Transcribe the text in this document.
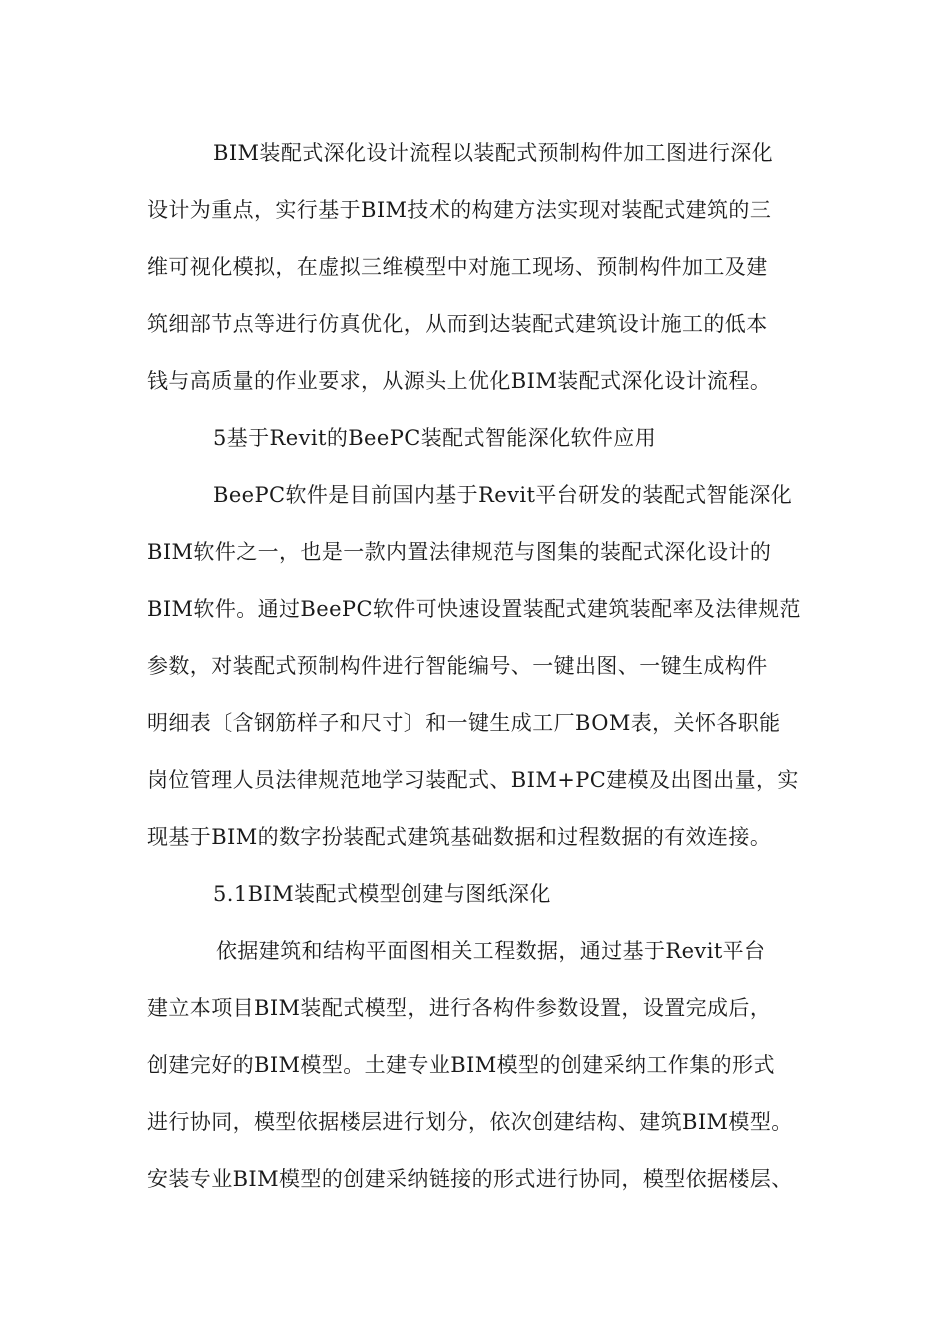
BIM装配式深化设计流程以装配式预制构件加工图进行深化
设计为重点，实行基于BIM技术的构建方法实现对装配式建筑的三
维可视化模拟，在虚拟三维模型中对施工现场、预制构件加工及建
筑细部节点等进行仿真优化，从而到达装配式建筑设计施工的低本
钱与高质量的作业要求，从源头上优化BIM装配式深化设计流程。
5基于Revit的BeePC装配式智能深化软件应用
BeePC软件是目前国内基于Revit平台研发的装配式智能深化
BIM软件之一，也是一款内置法律规范与图集的装配式深化设计的
BIM软件。通过BeePC软件可快速设置装配式建筑装配率及法律规范
参数，对装配式预制构件进行智能编号、一键出图、一键生成构件
明细表〔含钢筋样子和尺寸〕和一键生成工厂BOM表，关怀各职能
岗位管理人员法律规范地学习装配式、BIM+PC建模及出图出量，实
现基于BIM的数字扮装配式建筑基础数据和过程数据的有效连接。
5.1BIM装配式模型创建与图纸深化
依据建筑和结构平面图相关工程数据，通过基于Revit平台
建立本项目BIM装配式模型，进行各构件参数设置，设置完成后，
创建完好的BIM模型。土建专业BIM模型的创建采纳工作集的形式
进行协同，模型依据楼层进行划分，依次创建结构、建筑BIM模型。
安装专业BIM模型的创建采纳链接的形式进行协同，模型依据楼层、
